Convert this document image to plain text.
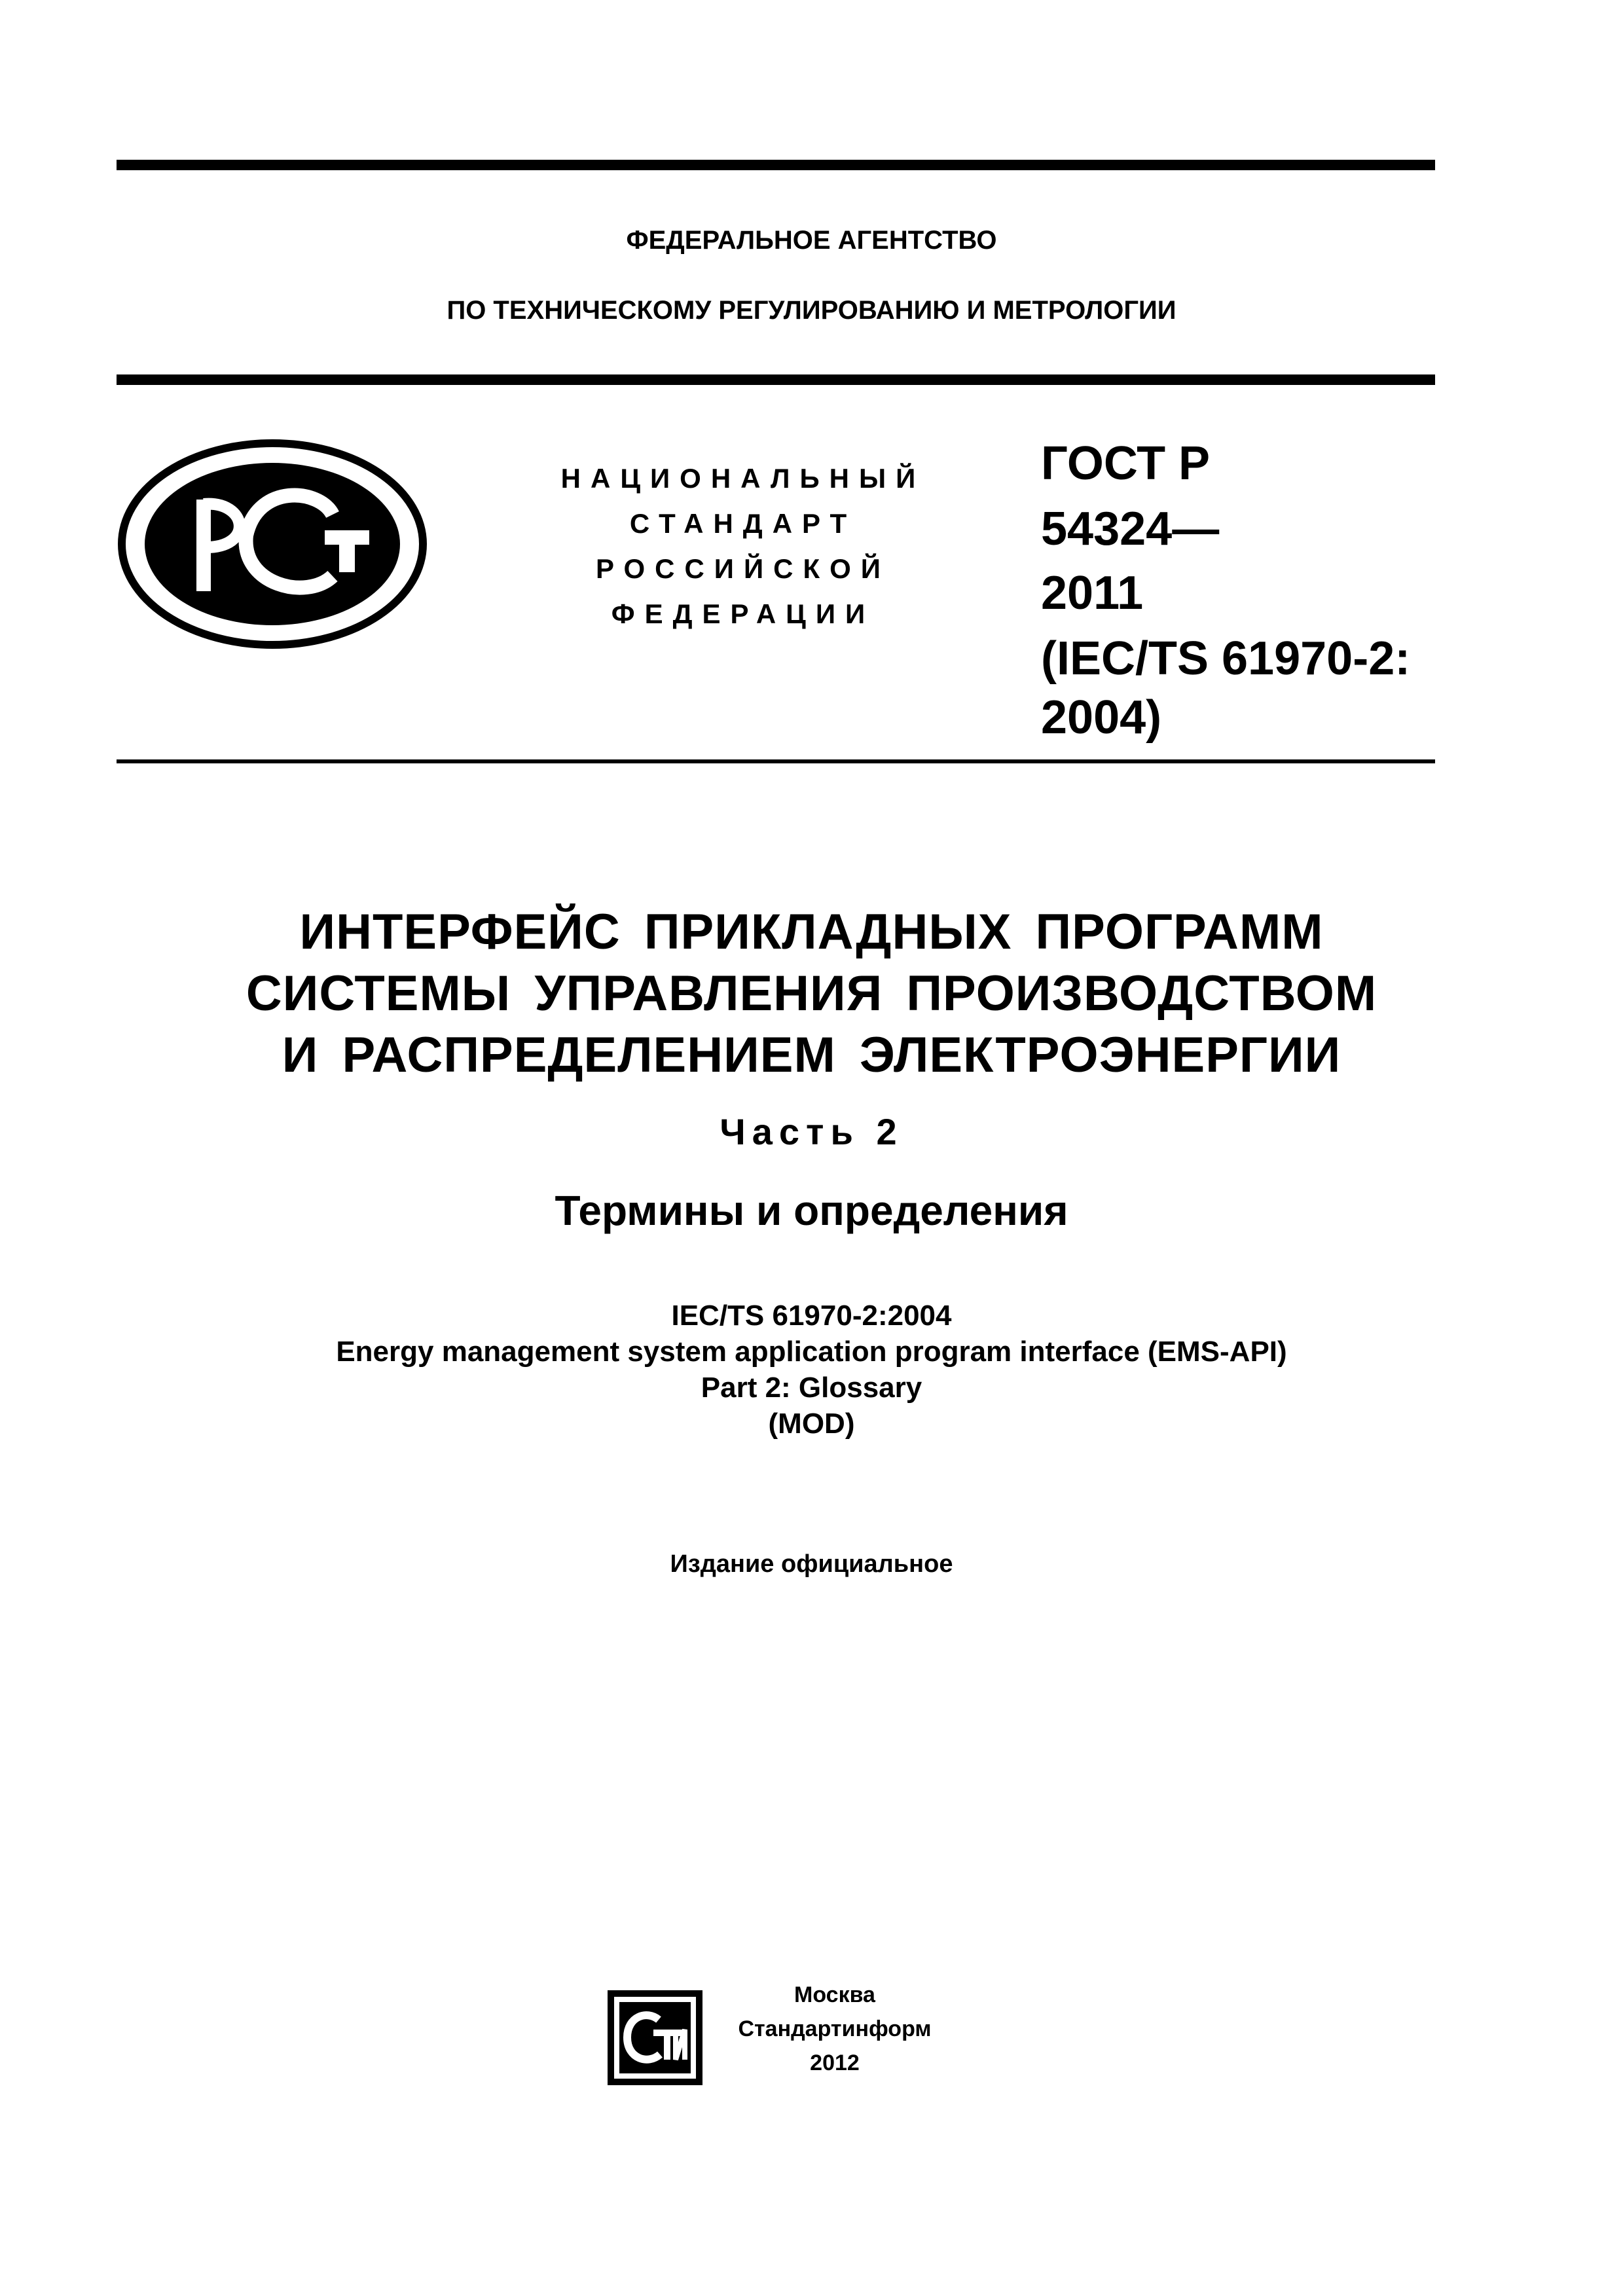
ФЕДЕРАЛЬНОЕ АГЕНТСТВО
ПО ТЕХНИЧЕСКОМУ РЕГУЛИРОВАНИЮ И МЕТРОЛОГИИ
НАЦИОНАЛЬНЫЙ
СТАНДАРТ
РОССИЙСКОЙ
ФЕДЕРАЦИИ
ГОСТ Р
54324—
2011
(IEC/TS 61970-2:
2004)
ИНТЕРФЕЙС ПРИКЛАДНЫХ ПРОГРАММ
СИСТЕМЫ УПРАВЛЕНИЯ ПРОИЗВОДСТВОМ
И РАСПРЕДЕЛЕНИЕМ ЭЛЕКТРОЭНЕРГИИ
Часть 2
Термины и определения
IEC/TS 61970-2:2004
Energy management system application program interface (EMS-API)
Part 2: Glossary
(MOD)
Издание официальное
Москва
Стандартинформ
2012
